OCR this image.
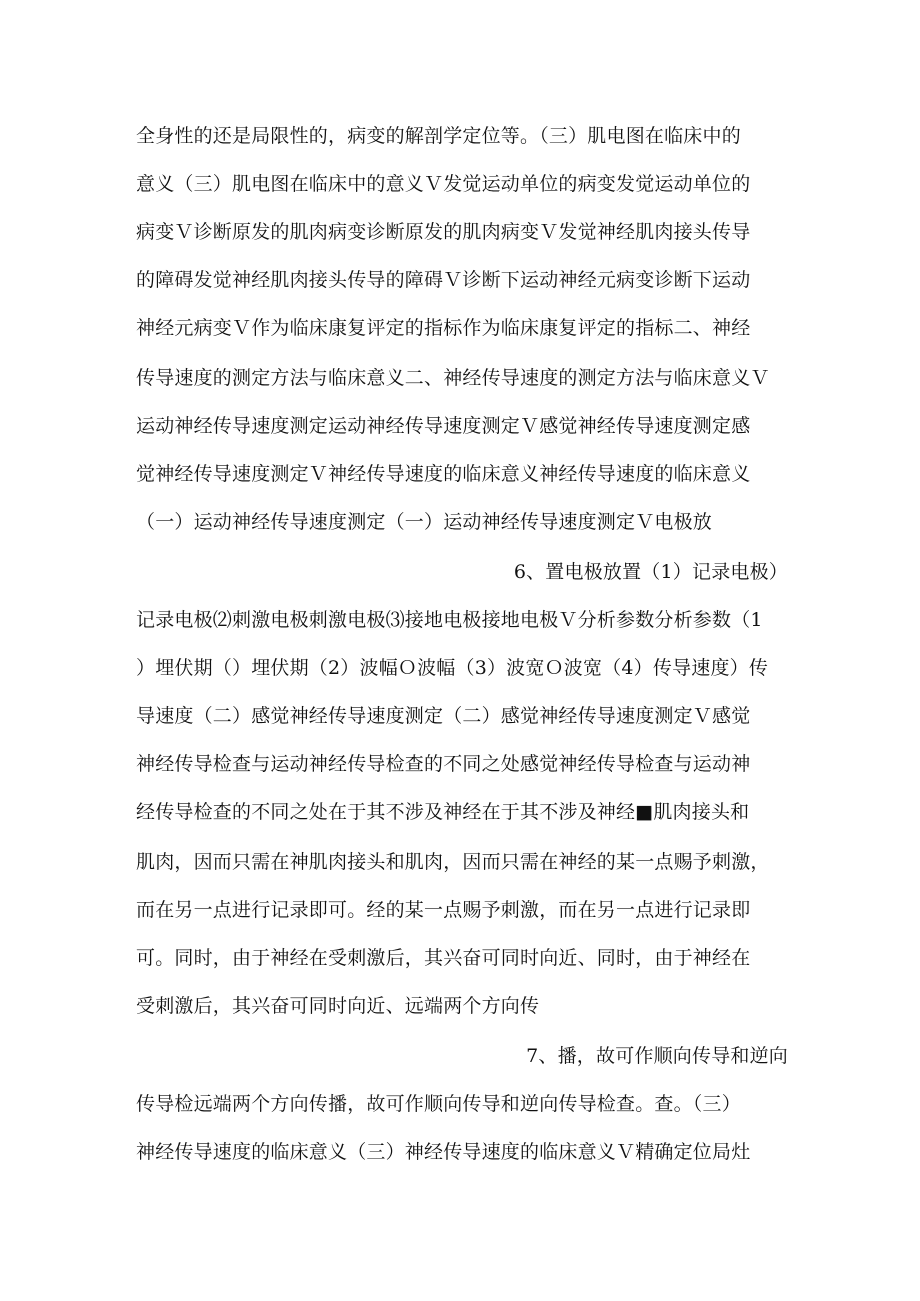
全身性的还是局限性的，病变的解剖学定位等。（三）肌电图在临床中的
意义（三）肌电图在临床中的意义Ｖ发觉运动单位的病变发觉运动单位的
病变Ｖ诊断原发的肌肉病变诊断原发的肌肉病变Ｖ发觉神经肌肉接头传导
的障碍发觉神经肌肉接头传导的障碍Ｖ诊断下运动神经元病变诊断下运动
神经元病变Ｖ作为临床康复评定的指标作为临床康复评定的指标二、神经
传导速度的测定方法与临床意义二、神经传导速度的测定方法与临床意义Ｖ
运动神经传导速度测定运动神经传导速度测定Ｖ感觉神经传导速度测定感
觉神经传导速度测定Ｖ神经传导速度的临床意义神经传导速度的临床意义
（一）运动神经传导速度测定（一）运动神经传导速度测定Ｖ电极放
6、置电极放置（1）记录电极）
记录电极⑵刺激电极刺激电极⑶接地电极接地电极Ｖ分析参数分析参数（1
）埋伏期（）埋伏期（2）波幅Ｏ波幅（3）波宽Ｏ波宽（4）传导速度）传
导速度（二）感觉神经传导速度测定（二）感觉神经传导速度测定Ｖ感觉
神经传导检查与运动神经传导检查的不同之处感觉神经传导检查与运动神
经传导检查的不同之处在于其不涉及神经在于其不涉及神经■肌肉接头和
肌肉，因而只需在神肌肉接头和肌肉，因而只需在神经的某一点赐予刺激，
而在另一点进行记录即可。经的某一点赐予刺激，而在另一点进行记录即
可。同时，由于神经在受刺激后，其兴奋可同时向近、同时，由于神经在
受刺激后，其兴奋可同时向近、远端两个方向传
7、播，故可作顺向传导和逆向
传导检远端两个方向传播，故可作顺向传导和逆向传导检查。查。（三）
神经传导速度的临床意义（三）神经传导速度的临床意义Ｖ精确定位局灶
